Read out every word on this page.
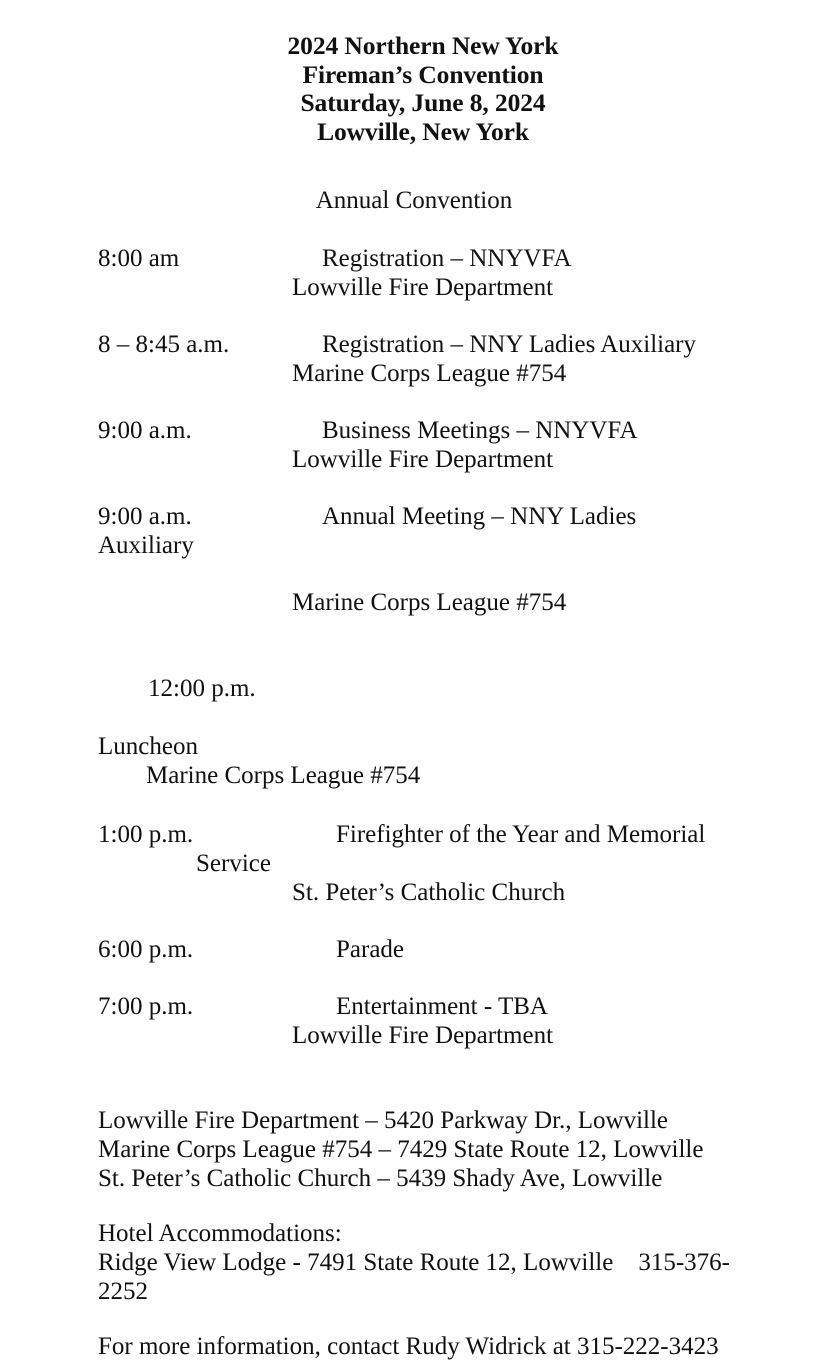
2024 Northern New York
Fireman’s Convention
Saturday, June 8, 2024
Lowville, New York
Annual Convention
8:00 am	Registration – NNYVFA
Lowville Fire Department
8 – 8:45 a.m.	Registration – NNY Ladies Auxiliary
Marine Corps League #754
9:00 a.m.	Business Meetings – NNYVFA
Lowville Fire Department
9:00 a.m.	Annual Meeting – NNY Ladies
Auxiliary
Marine Corps League #754

12:00 p.m.

Luncheon
Marine Corps League #754
1:00 p.m.	Firefighter of the Year and Memorial
Service
St. Peter’s Catholic Church
6:00 p.m.	Parade
7:00 p.m.	Entertainment - TBA
Lowville Fire Department
Lowville Fire Department – 5420 Parkway Dr., Lowville
Marine Corps League #754 – 7429 State Route 12, Lowville
St. Peter’s Catholic Church – 5439 Shady Ave, Lowville
Hotel Accommodations:
Ridge View Lodge - 7491 State Route 12, Lowville    315-376-
2252
For more information, contact Rudy Widrick at 315-222-3423
